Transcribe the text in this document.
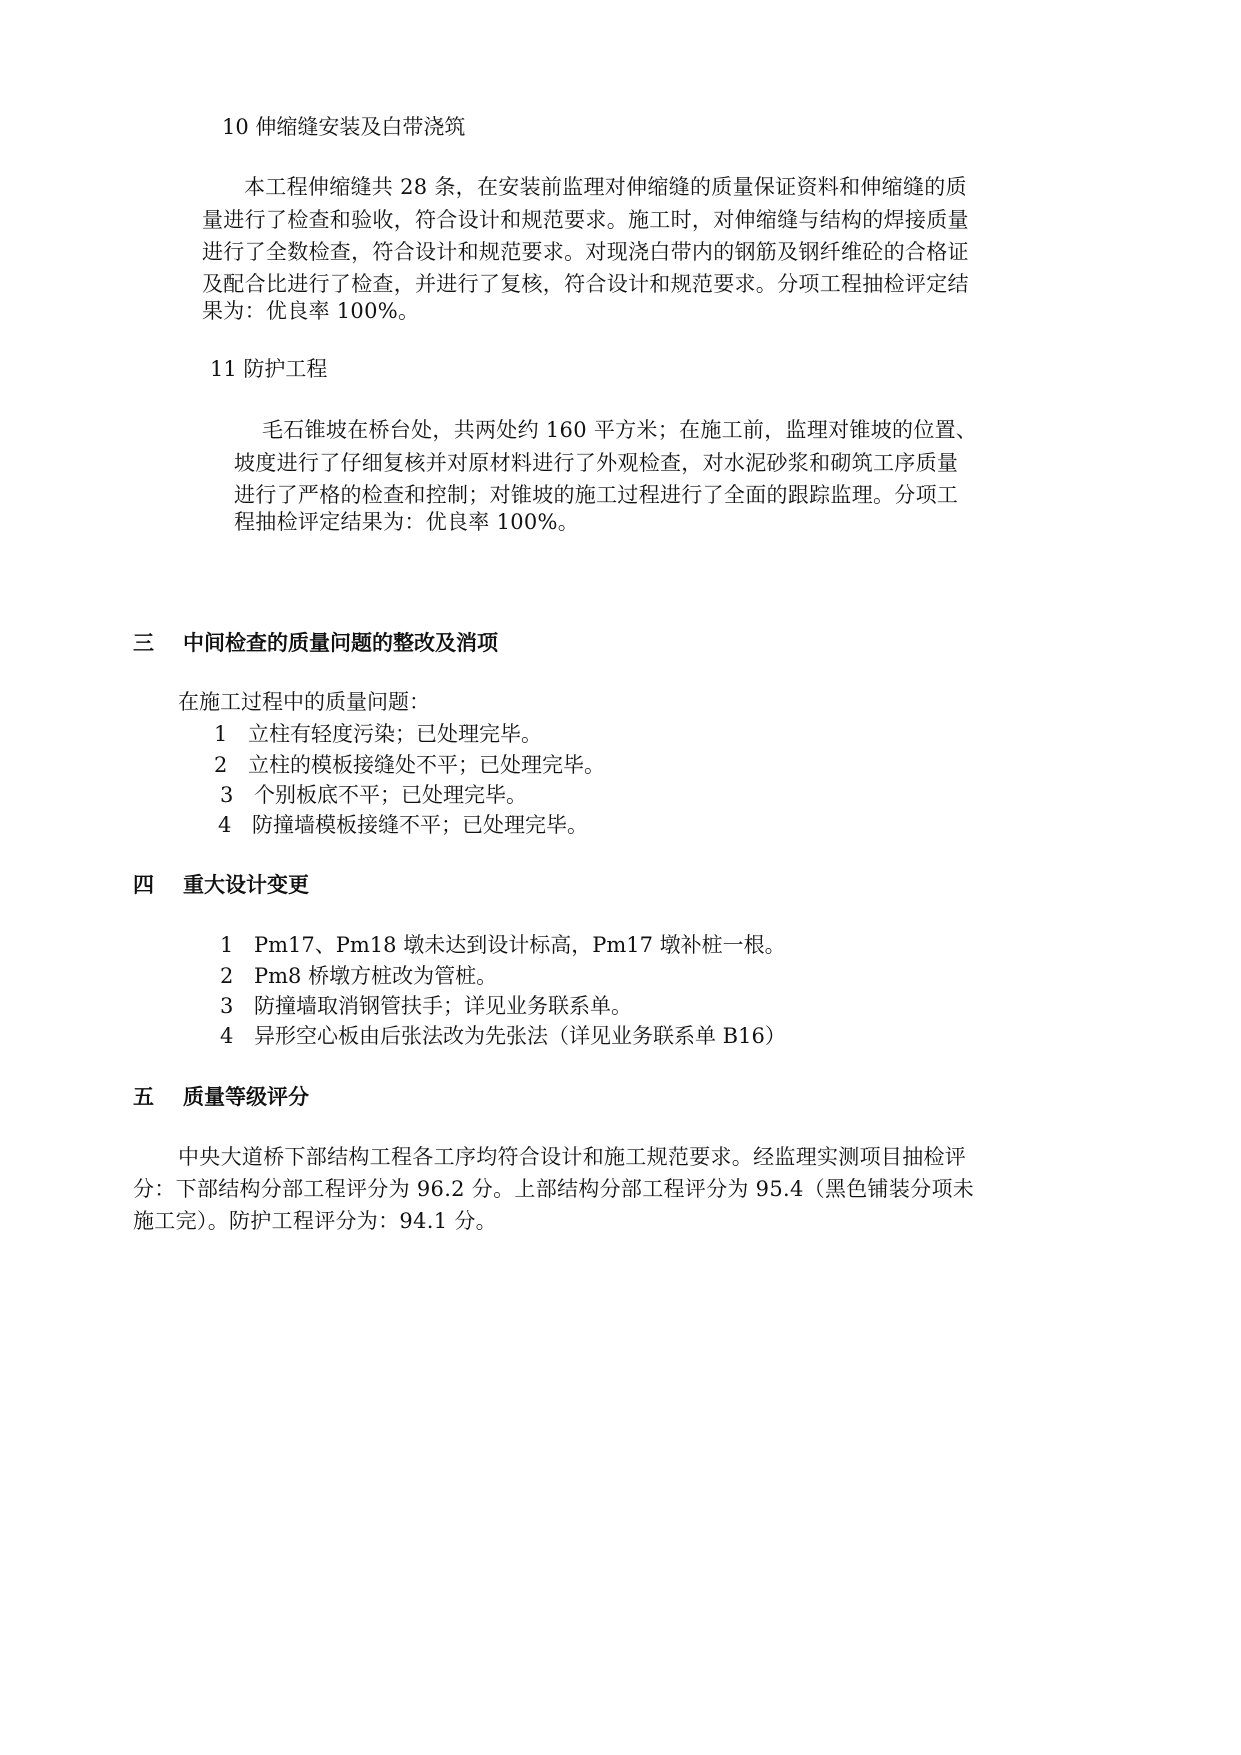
10 伸缩缝安装及白带浇筑
本工程伸缩缝共 28 条，在安装前监理对伸缩缝的质量保证资料和伸缩缝的质
量进行了检查和验收，符合设计和规范要求。施工时，对伸缩缝与结构的焊接质量
进行了全数检查，符合设计和规范要求。对现浇白带内的钢筋及钢纤维砼的合格证
及配合比进行了检查，并进行了复核，符合设计和规范要求。分项工程抽检评定结
果为：优良率 100%。
11 防护工程
毛石锥坡在桥台处，共两处约 160 平方米；在施工前，监理对锥坡的位置、
坡度进行了仔细复核并对原材料进行了外观检查，对水泥砂浆和砌筑工序质量
进行了严格的检查和控制；对锥坡的施工过程进行了全面的跟踪监理。分项工
程抽检评定结果为：优良率 100%。
三 中间检查的质量问题的整改及消项
在施工过程中的质量问题：
1 立柱有轻度污染；已处理完毕。
2 立柱的模板接缝处不平；已处理完毕。
3 个别板底不平；已处理完毕。
4 防撞墙模板接缝不平；已处理完毕。
四 重大设计变更
1 Pm17、Pm18 墩未达到设计标高，Pm17 墩补桩一根。
2 Pm8 桥墩方桩改为管桩。
3 防撞墙取消钢管扶手；详见业务联系单。
4 异形空心板由后张法改为先张法（详见业务联系单 B16）
五 质量等级评分
中央大道桥下部结构工程各工序均符合设计和施工规范要求。经监理实测项目抽检评
分：下部结构分部工程评分为 96.2 分。上部结构分部工程评分为 95.4（黑色铺装分项未
施工完）。防护工程评分为：94.1 分。
